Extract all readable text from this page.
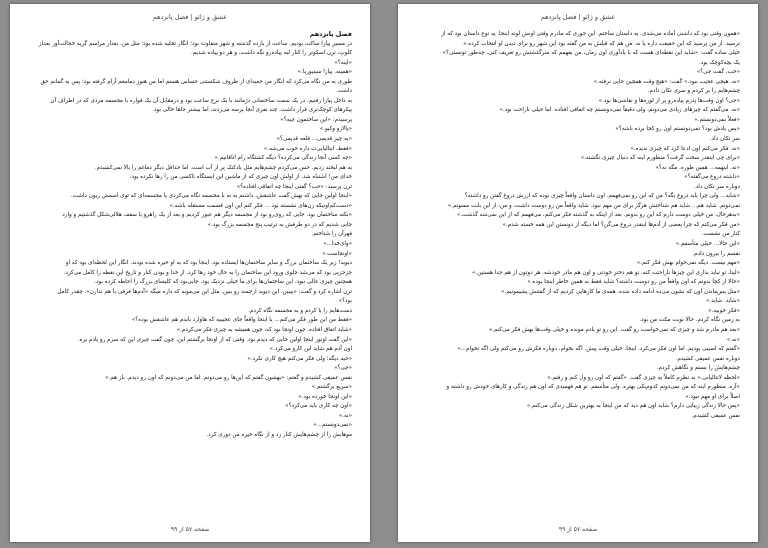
عشق و ژائو | فصل پانزدهم
فصل پانزدهم

در مسیر پیازا ساکت بودیم. ساعت از یازده گذشته و شهر متفاوت بود؛ انگار تخلیه شده بود؛ مثل من. بعداز مراسم گریه خجالت‌آور بعداز

کلوپ، ترن اسکوتر را کنار لبه پیاده‌رو نگه داشت، و هر دو پیاده شدیم.

«اینه؟»

«همینه. پیازا سینیوریا.»

طوری به من نگاه می‌کرد که انگار من جعبه‌ای از ظروف شکستنی حساس هستم اما من هنوز دمامغم آرام گرفته بود؛ پس به گمانم حق

داشت.

به داخل پیازا رفتیم. در یک سمت ساختمانی دژمانند با یک برج ساعت بود و درمقابل آن یک فواره با مجسمه مردی که در اطراف آن

پیکرهای کوچک‌تری قرار داشت. چند نفری آنجا پرسه می‌زدند، اما بیشتر جاها خالی بود.

پرسیدم: «این ساختمون چیه؟»

«پالازو وکیو.»

«یه چیز قدیمی... قلعه قدیمی؟»

«فقط، ایتالیایی‌ت داره خوب می‌شه.»

«چه کسی آنجا زندگی می‌کرده؟ دیگه کشتگاه رام اتاقانیم.»

به هم لبخند زدیم. حس می‌کردم چشم‌هایم مثل بادکنک پر از آب است. اما حداقل دیگر دماغم را بالا نمی‌کشیدم.

خدای من! اشتباه شد. از اولش اون چیزی که از ماشین این ایستگاه تاکسی من را رها نکرده بود.

ترن پرسید: «حب؟ گفتی اینجا چه اتفاقی افتاده؟»

«اینجا اولین جایی که بهش گفت عاشقش، داشتم به نه با مجسمه نگاه می‌کردی یا مجسمه‌ای که توی اسمش ریون داشت.

«دست‌کم‌اونیکه زن‌های نشسته بود ... فکر کنم این اون قسمت مستقله باشه.»

«نکته ساختمان بود. جایی که روی‌رو بود از مجسمه دیگر هم عبور کردیم و بعد از یک راهرو یا سقف هلالی‌شکل گذشتیم و وارد

جایی شدیم که در دو طرفش به ترتیب پنج مجسمه بزرگ بود.»

فهرآن را شناختم.

«وای‌خدا...»

«اونجاست.»

دیوید! زیر یک ساختمان بزرگ و سایر ساختمان‌ها ایستاده بود. اینجا بود که به او خیره شده بودند. انگار این لحظه‌ای بود که او

جزجزیی بود که می‌شد جلوی ورود این ساختمان را به حال خود رها کرد. از خدا و بودن کنار و تاریخ این نقطه را کامل می‌کرد.

همچنین چیزی عالی نبود. این ساختمان‌ها برای ما خیلی نزدیک بود. جایی‌بود که کلیسای بزرگ را احاطه کرده بود.

ترن اشاره کرد و گفت: «بیبین، این دیوید ارجمند رو ببین. مثل این می‌مونه که داره میگه «آدم‌ها فرقی با هم ندارن». چقدر کامل

بود؟»

دست‌هایم را با کردم و به مجسمه نگاه کردم.

«فقط من این طور فکر می‌کنم... یا اینجا واقعاً جای عجیبیه که هاوارد بایدم‌ هم عاشقش بوده؟»

«شاید اتفاق افتاده. چون اونجا بود که، چون همیشه به چیزی فکر می‌کردم.»

«این گفت اونور اینجا اولین جایی که دیدم بود. وقتی که از اونجا برگشتم این، چون گفت چیزی این که سرم رو یادم بره.

اون آدم هم شاید این کارو می‌کرد.»

«حیه دیگه؛ ولی فکر می‌کنم هیچ کاری نکرد.»

«چی؟»

نفس عمیقی کشیدم و گفتم: «بهشون گفتم که این‌ها رو می‌دونم. اما من می‌دونم که اون رو دیدم. باز هم.»

«سریع برگشتم.»

«این اونجا خورده بود.»

«اون چه کاری باید می‌کرد؟»

«نه.»

«نمی‌دونستم...»

موهایش را از چشم‌هایش کنار زد و از نگاه خیره من دوری کرد.

صفحه ۵۷ از ۹۹
عشق و ژائو | فصل پانزدهم

«همون وقتی بود که داشتی آماده می‌شدی. یه داستان ساختم. این جوری که مادرم وقتی اونش لونه اینجا. یه نوع داستان بود که از

ترسید. از من پرسید که این حقیقت داره یا نه. من هم که قبلش به من گفته بود این شهر رو برای دیدن او انتخاب کرده.»

خیلی ساده گفت: «شاید این نقطه‌ای هست که با یادآوری اون زمان، من بفهمم که سرگذشتش رو تعریف کنی. چه‌طور تونستی؟»

یک بچه‌کوچک بود.

«خب، گفت چی؟»

«نه. هیچی عجیب نبود.» گفت: «هیچ وقت همچین جایی نرفته.»

چشم‌هایم را بر کردم و سری تکان دادم.

«جی؟ اون وقت‌ها پدرم پیاده‌رو پر از لوزه‌ها و نقاشی‌ها بود.»

«نه. می‌گفتم که چیزهای زیادی می‌دونم، ولی دقیقاً نمی‌دونستم چه اتفاقی افتاده. اما خیلی ناراحت بود.»

«فعلاً نمی‌دونستم.»

«پس یادش بود؟ نمی‌دونستم اون رو کجا برده باشه؟»

سر تکان داد.

«نه. فکر می‌کنم اون ادعا کرد که چیزی ندیده.»

«برای چی اینقدر سخت گرفت؟ منظورم اینه که دنبال چیزی نگشته.»

«نه. اینهمه... همین طوره. مگه نه؟»

«داشته دروغ می‌گفته؟»

دوباره سر تکان داد.

«شاید... ولی چرا باید دروغ بگه؟ من که این رو نمی‌فهمم. اون داستان واقعاً چیزی بوده که ارزش دروغ گفتن رو داشته؟

نمی‌دونم. شاید هم... شاید هم شناختش هرگز برای من مهم نبود. شاید واقعاً من رو دوست داشت، و من، از این بابت ممنونم.»

«به‌هرحال، من خیلی دوست دارم که این رو بدونم. بعد از اینکه به گذشته فکر می‌کنم، می‌فهمم که از این نمی‌شه گذشت.»

«من فکر می‌کنم که چرا بعضی از آدم‌ها اینقدر دروغ می‌گن؟ اما دیگه از دونستن این همه خسته شدم.»

کنار من نشست.

«این حالا... خیلی متأسفم.»

نفسم را بیرون دادم.

«مهم نیست. دیگه نمی‌خوام بهش فکر کنم.»

«لینا، تو نباید بذاری این چیزها ناراحتت کنه. تو هم دختر خودتی و اون هم مادر خودشه. هر دوتون از هم جدا هستین.»

«حالا از کجا بدونم که اون واقعاً من رو دوست داشته؟ شاید فقط به همین خاطر اینجا بوده.»

«مثل پس‌ماندن اون که نشون می‌ده ادامه داده شده. همه‌ی ما کارهایی کردیم که از گفتنش پشیمونیم.»

«شاید. شاید.»

«فکر خوبیه.»

به زمین نگاه کردم. حالا نوبت مکث من بود.

«بعد هم‌ مادرم شد و چیزی که نمی‌خواست رو گفت. این رو تو یادم مونده و خیلی وقت‌ها بهش فکر می‌کنم.»

«نه.»

«گفتم که اسیبی بودیم. اما اون فکر می‌کرد. اینجا، خیلی وقت پیش. اگه بخوام، دوباره فکرش رو می‌کنم ولی اگه نخوام...»

دوباره نفس عمیقی کشیدم.

چشم‌هایش را بستم و نگاهش کردم.

«لحظه لانتالیانی.» به نظرم کاملاً یه چیزی گفت. «گفتم که اون رو ول کنم و رفتم.»

«آره. منظورم اینه که من نمی‌دونم کدوم‌یکی بهتره. ولی متأسفم. تو هم فهمیدی که اون هم زندگی و کارهای خودش رو داشته و

اصلاً برای او مهم نبود.»

«پس حالا زندگی زیبایی دارم؟ شاید اون هم دید که من اینجا به بهترین شکل زندگی می‌کنم.»

نفس عمیقی کشیدم.

صفحه ۵۷ از ۹۹
